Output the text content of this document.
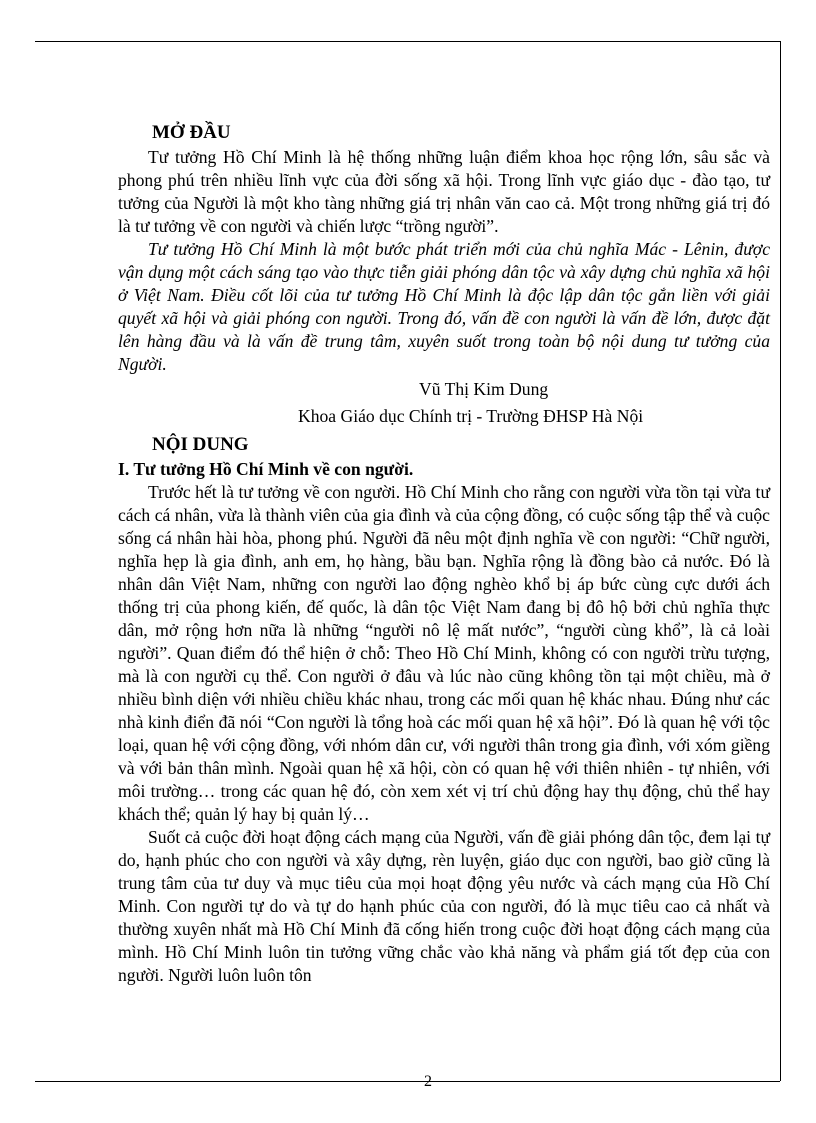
MỞ ĐẦU

Tư tưởng Hồ Chí Minh là hệ thống những luận điểm khoa học rộng lớn, sâu sắc và phong phú trên nhiều lĩnh vực của đời sống xã hội. Trong lĩnh vực giáo dục - đào tạo, tư tưởng của Người là một kho tàng những giá trị nhân văn cao cả. Một trong những giá trị đó là tư tưởng về con người và chiến lược “trồng người”.

Tư tưởng Hồ Chí Minh là một bước phát triển mới của chủ nghĩa Mác - Lênin, được vận dụng một cách sáng tạo vào thực tiễn giải phóng dân tộc và xây dựng chủ nghĩa xã hội ở Việt Nam. Điều cốt lõi của tư tưởng Hồ Chí Minh là độc lập dân tộc gắn liền với giải quyết xã hội và giải phóng con người. Trong đó, vấn đề con người là vấn đề lớn, được đặt lên hàng đầu và là vấn đề trung tâm, xuyên suốt trong toàn bộ nội dung tư tưởng của Người.

Vũ Thị Kim Dung
Khoa Giáo dục Chính trị - Trường ĐHSP Hà Nội
NỘI DUNG
I. Tư tưởng Hồ Chí Minh về con người.

Trước hết là tư tưởng về con người. Hồ Chí Minh cho rằng con người vừa tồn tại vừa tư cách cá nhân, vừa là thành viên của gia đình và của cộng đồng, có cuộc sống tập thể và cuộc sống cá nhân hài hòa, phong phú. Người đã nêu một định nghĩa về con người: “Chữ người, nghĩa hẹp là gia đình, anh em, họ hàng, bầu bạn. Nghĩa rộng là đồng bào cả nước. Đó là nhân dân Việt Nam, những con người lao động nghèo khổ bị áp bức cùng cực dưới ách thống trị của phong kiến, đế quốc, là dân tộc Việt Nam đang bị đô hộ bởi chủ nghĩa thực dân, mở rộng hơn nữa là những “người nô lệ mất nước”, “người cùng khổ”, là cả loài người”. Quan điểm đó thể hiện ở chỗ: Theo Hồ Chí Minh, không có con người trừu tượng, mà là con người cụ thể. Con người ở đâu và lúc nào cũng không tồn tại một chiều, mà ở nhiều bình diện với nhiều chiều khác nhau, trong các mối quan hệ khác nhau. Đúng như các nhà kinh điển đã nói “Con người là tổng hoà các mối quan hệ xã hội”. Đó là quan hệ với tộc loại, quan hệ với cộng đồng, với nhóm dân cư, với người thân trong gia đình, với xóm giềng và với bản thân mình. Ngoài quan hệ xã hội, còn có quan hệ với thiên nhiên - tự nhiên, với môi trường… trong các quan hệ đó, còn xem xét vị trí chủ động hay thụ động, chủ thể hay khách thể; quản lý hay bị quản lý…

Suốt cả cuộc đời hoạt động cách mạng của Người, vấn đề giải phóng dân tộc, đem lại tự do, hạnh phúc cho con người và xây dựng, rèn luyện, giáo dục con người, bao giờ cũng là trung tâm của tư duy và mục tiêu của mọi hoạt động yêu nước và cách mạng của Hồ Chí Minh. Con người tự do và tự do hạnh phúc của con người, đó là mục tiêu cao cả nhất và thường xuyên nhất mà Hồ Chí Minh đã cống hiến trong cuộc đời hoạt động cách mạng của mình. Hồ Chí Minh luôn tin tưởng vững chắc vào khả năng và phẩm giá tốt đẹp của con người. Người luôn luôn tôn

2
